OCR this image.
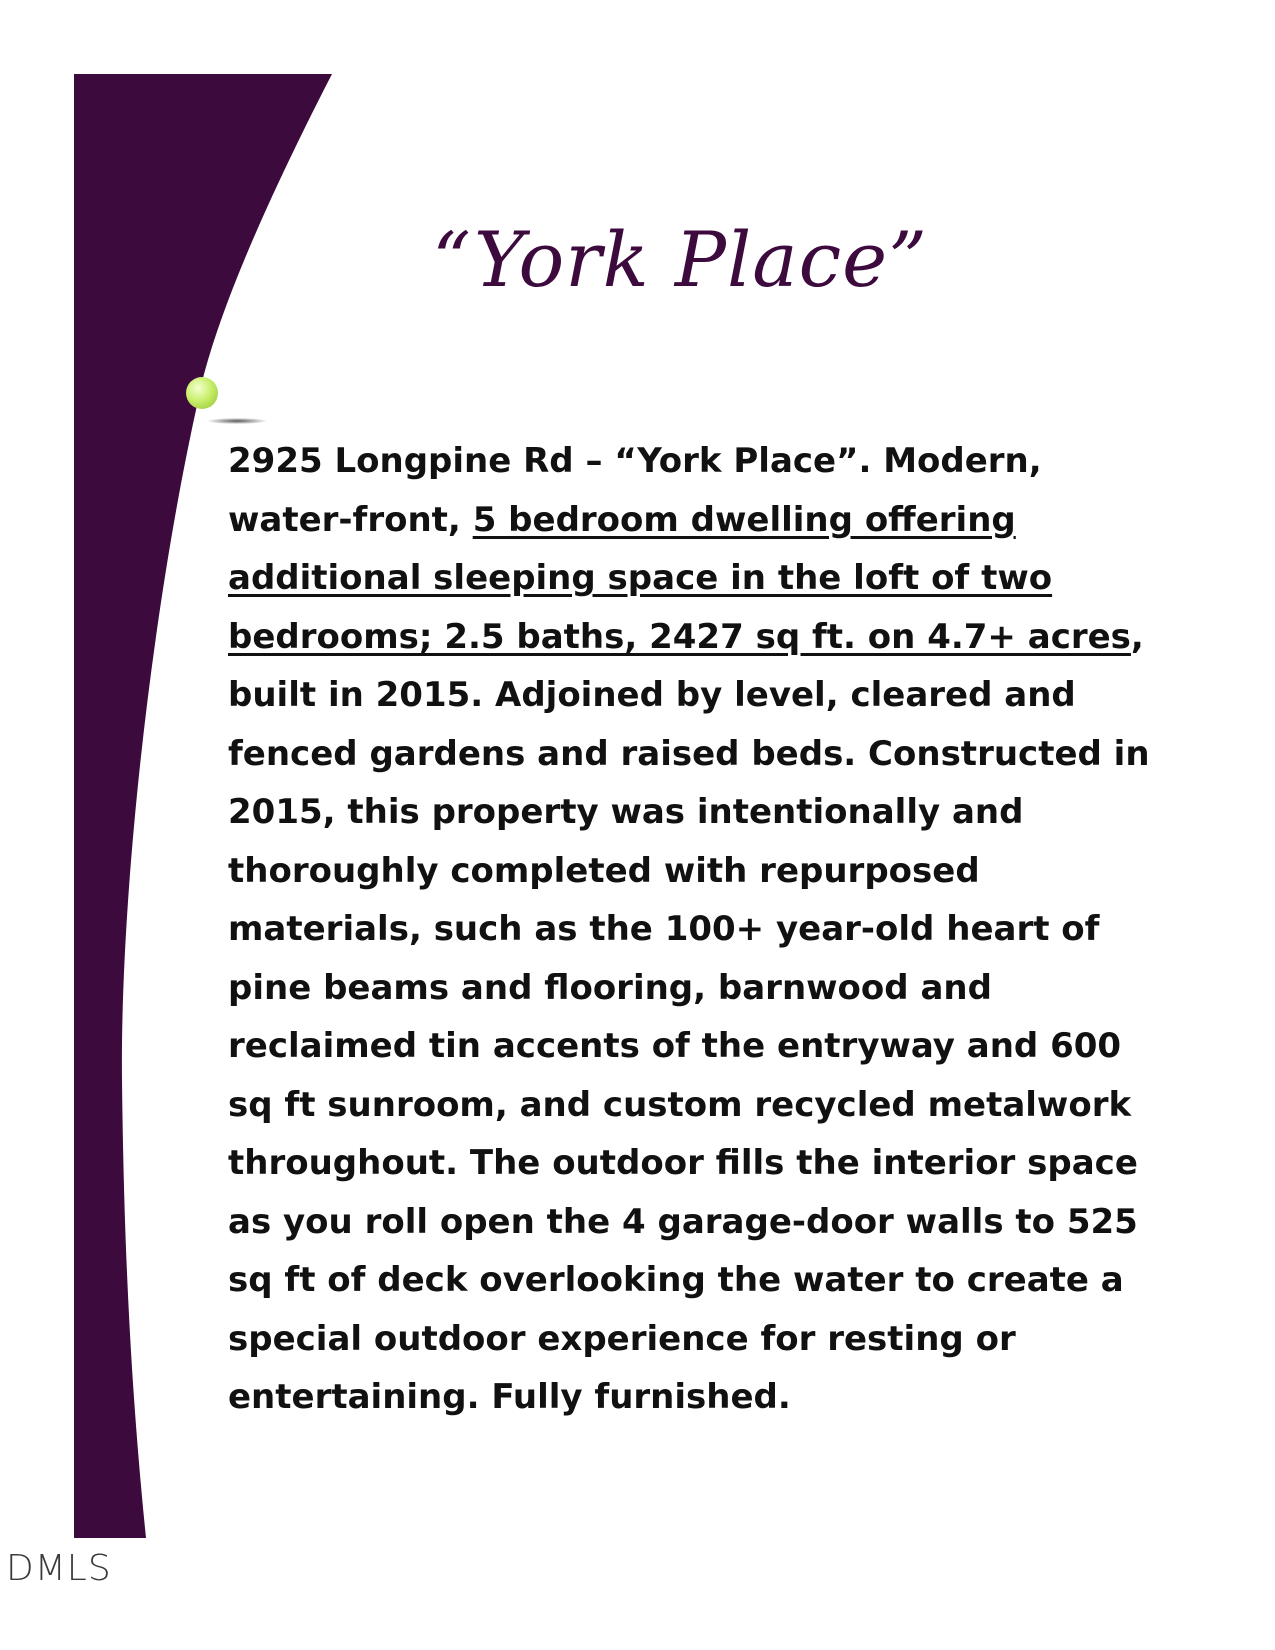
“York Place”

2925 Longpine Rd – “York Place”. Modern,
water-front, 5 bedroom dwelling offering
additional sleeping space in the loft of two
bedrooms; 2.5 baths, 2427 sq ft. on 4.7+ acres,
built in 2015. Adjoined by level, cleared and
fenced gardens and raised beds. Constructed in
2015, this property was intentionally and
thoroughly completed with repurposed
materials, such as the 100+ year-old heart of
pine beams and flooring, barnwood and
reclaimed tin accents of the entryway and 600
sq ft sunroom, and custom recycled metalwork
throughout. The outdoor fills the interior space
as you roll open the 4 garage-door walls to 525
sq ft of deck overlooking the water to create a
special outdoor experience for resting or
entertaining. Fully furnished.

DMLS
